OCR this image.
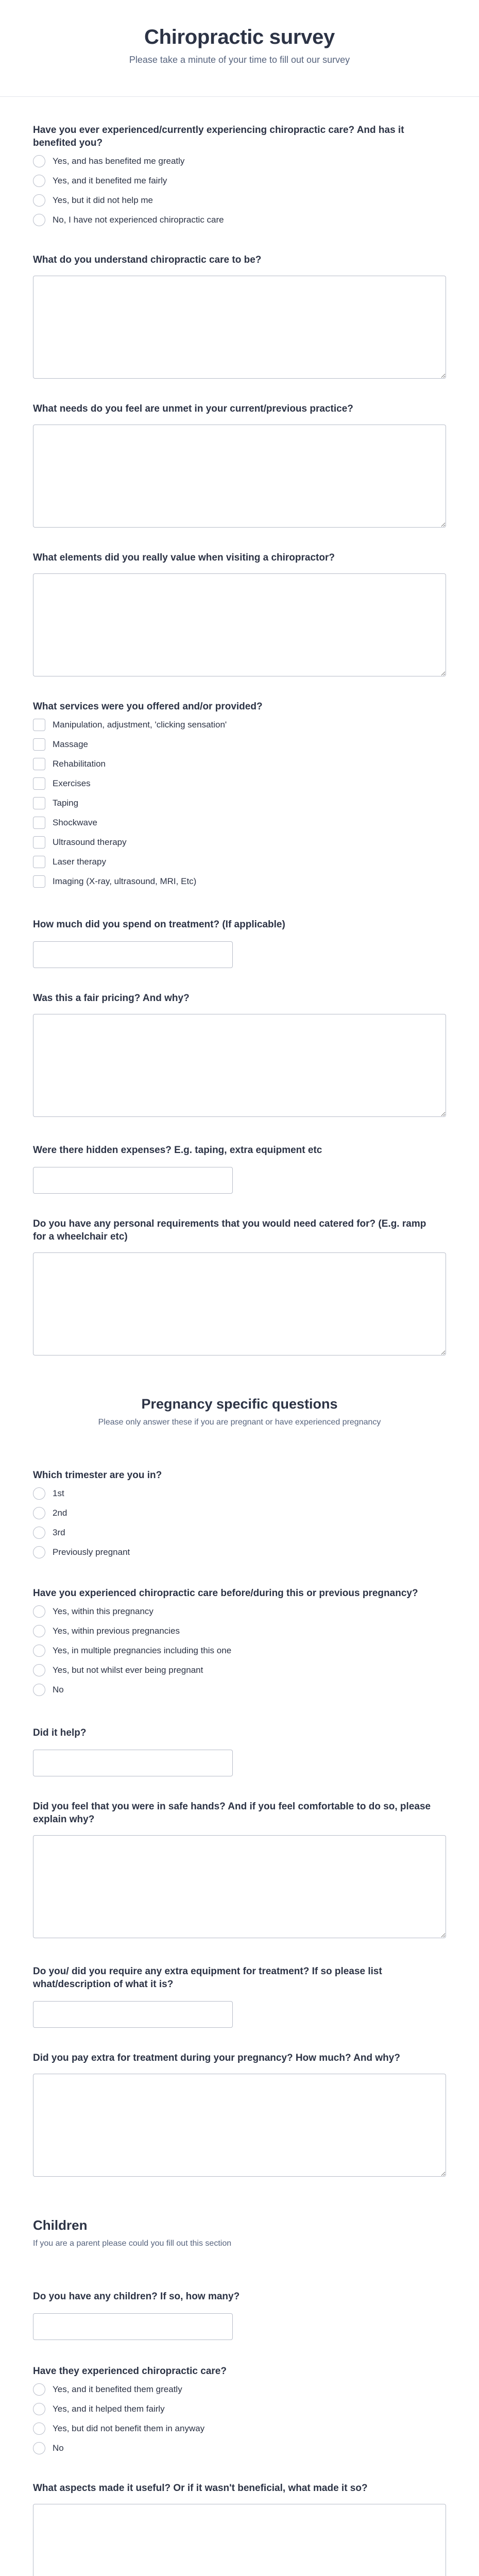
Chiropractic survey

Please take a minute of your time to fill out our survey

Have you ever experienced/currently experiencing chiropractic care? And has it benefited you?
Yes, and has benefited me greatly
Yes, and it benefited me fairly
Yes, but it did not help me
No, I have not experienced chiropractic care
What do you understand chiropractic care to be?
What needs do you feel are unmet in your current/previous practice?
What elements did you really value when visiting a chiropractor?
What services were you offered and/or provided?
Manipulation, adjustment, 'clicking sensation'
Massage
Rehabilitation
Exercises
Taping
Shockwave
Ultrasound therapy
Laser therapy
Imaging (X-ray, ultrasound, MRI, Etc)
How much did you spend on treatment? (If applicable)
Was this a fair pricing? And why?
Were there hidden expenses? E.g. taping, extra equipment etc
Do you have any personal requirements that you would need catered for? (E.g. ramp for a wheelchair etc)
Pregnancy specific questions

Please only answer these if you are pregnant or have experienced pregnancy

Which trimester are you in?
1st
2nd
3rd
Previously pregnant
Have you experienced chiropractic care before/during this or previous pregnancy?
Yes, within this pregnancy
Yes, within previous pregnancies
Yes, in multiple pregnancies including this one
Yes, but not whilst ever being pregnant
No
Did it help?
Did you feel that you were in safe hands? And if you feel comfortable to do so, please explain why?
Do you/ did you require any extra equipment for treatment? If so please list what/description of what it is?
Did you pay extra for treatment during your pregnancy? How much? And why?
Children

If you are a parent please could you fill out this section

Do you have any children? If so, how many?
Have they experienced chiropractic care?
Yes, and it benefited them greatly
Yes, and it helped them fairly
Yes, but did not benefit them in anyway
No
What aspects made it useful? Or if it wasn't beneficial, what made it so?
